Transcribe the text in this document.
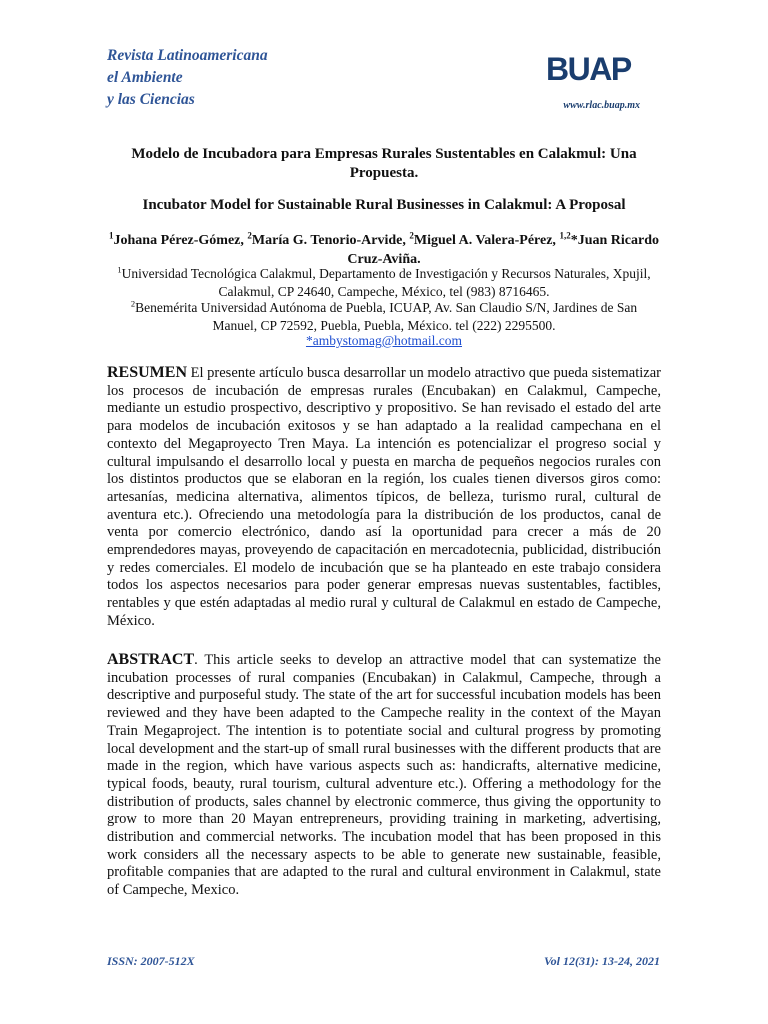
Revista Latinoamericana
el Ambiente
y las Ciencias
BUAP
www.rlac.buap.mx
Modelo de Incubadora para Empresas Rurales Sustentables en Calakmul: Una Propuesta.
Incubator Model for Sustainable Rural Businesses in Calakmul: A Proposal
$^1$Johana Pérez-Gómez, $^2$María G. Tenorio-Arvide, $^2$Miguel A. Valera-Pérez, $^{1,2}$*Juan Ricardo Cruz-Aviña.
$^1$Universidad Tecnológica Calakmul, Departamento de Investigación y Recursos Naturales, Xpujil, Calakmul, CP 24640, Campeche, México, tel (983) 8716465.
$^2$Benemérita Universidad Autónoma de Puebla, ICUAP, Av. San Claudio S/N, Jardines de San Manuel, CP 72592, Puebla, Puebla, México. tel (222) 2295500.
*ambystomag@hotmail.com
RESUMEN El presente artículo busca desarrollar un modelo atractivo que pueda sistematizar los procesos de incubación de empresas rurales (Encubakan) en Calakmul, Campeche, mediante un estudio prospectivo, descriptivo y propositivo. Se han revisado el estado del arte para modelos de incubación exitosos y se han adaptado a la realidad campechana en el contexto del Megaproyecto Tren Maya. La intención es potencializar el progreso social y cultural impulsando el desarrollo local y puesta en marcha de pequeños negocios rurales con los distintos productos que se elaboran en la región, los cuales tienen diversos giros como: artesanías, medicina alternativa, alimentos típicos, de belleza, turismo rural, cultural de aventura etc.). Ofreciendo una metodología para la distribución de los productos, canal de venta por comercio electrónico, dando así la oportunidad para crecer a más de 20 emprendedores mayas, proveyendo de capacitación en mercadotecnia, publicidad, distribución y redes comerciales. El modelo de incubación que se ha planteado en este trabajo considera todos los aspectos necesarios para poder generar empresas nuevas sustentables, factibles, rentables y que estén adaptadas al medio rural y cultural de Calakmul en estado de Campeche, México.
ABSTRACT. This article seeks to develop an attractive model that can systematize the incubation processes of rural companies (Encubakan) in Calakmul, Campeche, through a descriptive and purposeful study. The state of the art for successful incubation models has been reviewed and they have been adapted to the Campeche reality in the context of the Mayan Train Megaproject. The intention is to potentiate social and cultural progress by promoting local development and the start-up of small rural businesses with the different products that are made in the region, which have various aspects such as: handicrafts, alternative medicine, typical foods, beauty, rural tourism, cultural adventure etc.). Offering a methodology for the distribution of products, sales channel by electronic commerce, thus giving the opportunity to grow to more than 20 Mayan entrepreneurs, providing training in marketing, advertising, distribution and commercial networks. The incubation model that has been proposed in this work considers all the necessary aspects to be able to generate new sustainable, feasible, profitable companies that are adapted to the rural and cultural environment in Calakmul, state of Campeche, Mexico.
ISSN: 2007-512X	Vol 12(31): 13-24, 2021
